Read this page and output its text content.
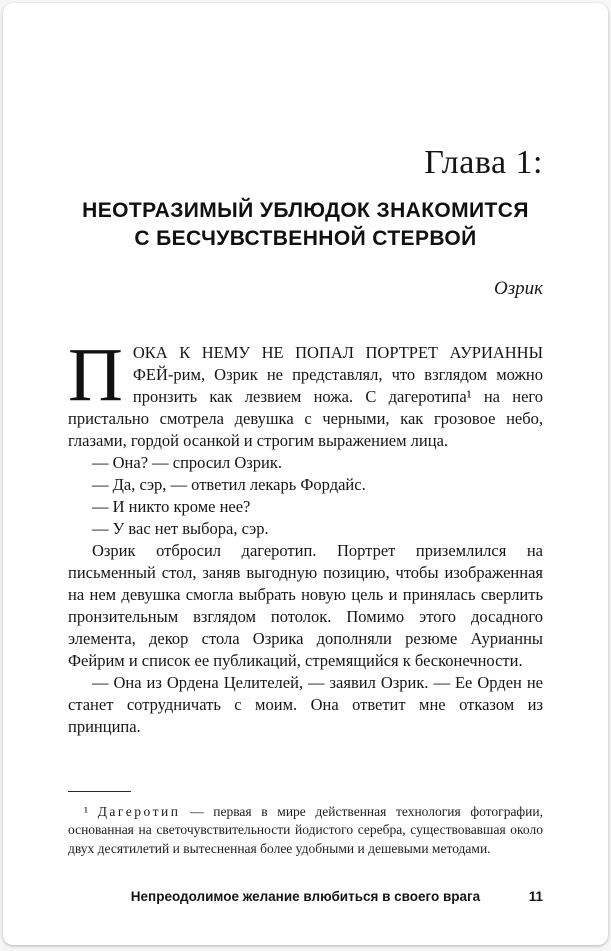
Глава 1:
НЕОТРАЗИМЫЙ УБЛЮДОК ЗНАКОМИТСЯ
С БЕСЧУВСТВЕННОЙ СТЕРВОЙ
Озрик

ПОКА К НЕМУ НЕ ПОПАЛ ПОРТРЕТ АУРИАННЫ ФЕЙ-рим, Озрик не представлял, что взглядом можно пронзить как лезвием ножа. С дагеротипа¹ на него пристально смотрела девушка с черными, как грозовое небо, глазами, гордой осанкой и строгим выражением лица.

— Она? — спросил Озрик.

— Да, сэр, — ответил лекарь Фордайс.

— И никто кроме нее?

— У вас нет выбора, сэр.

Озрик отбросил дагеротип. Портрет приземлился на письменный стол, заняв выгодную позицию, чтобы изображенная на нем девушка смогла выбрать новую цель и принялась сверлить пронзительным взглядом потолок. Помимо этого досадного элемента, декор стола Озрика дополняли резюме Аурианны Фейрим и список ее публикаций, стремящийся к бесконечности.

— Она из Ордена Целителей, — заявил Озрик. — Ее Орден не станет сотрудничать с моим. Она ответит мне отказом из принципа.

¹ Дагеротип — первая в мире действенная технология фотографии, основанная на светочувствительности йодистого серебра, существовавшая около двух десятилетий и вытесненная более удобными и дешевыми методами.

Непреодолимое желание влюбиться в своего врага	11
